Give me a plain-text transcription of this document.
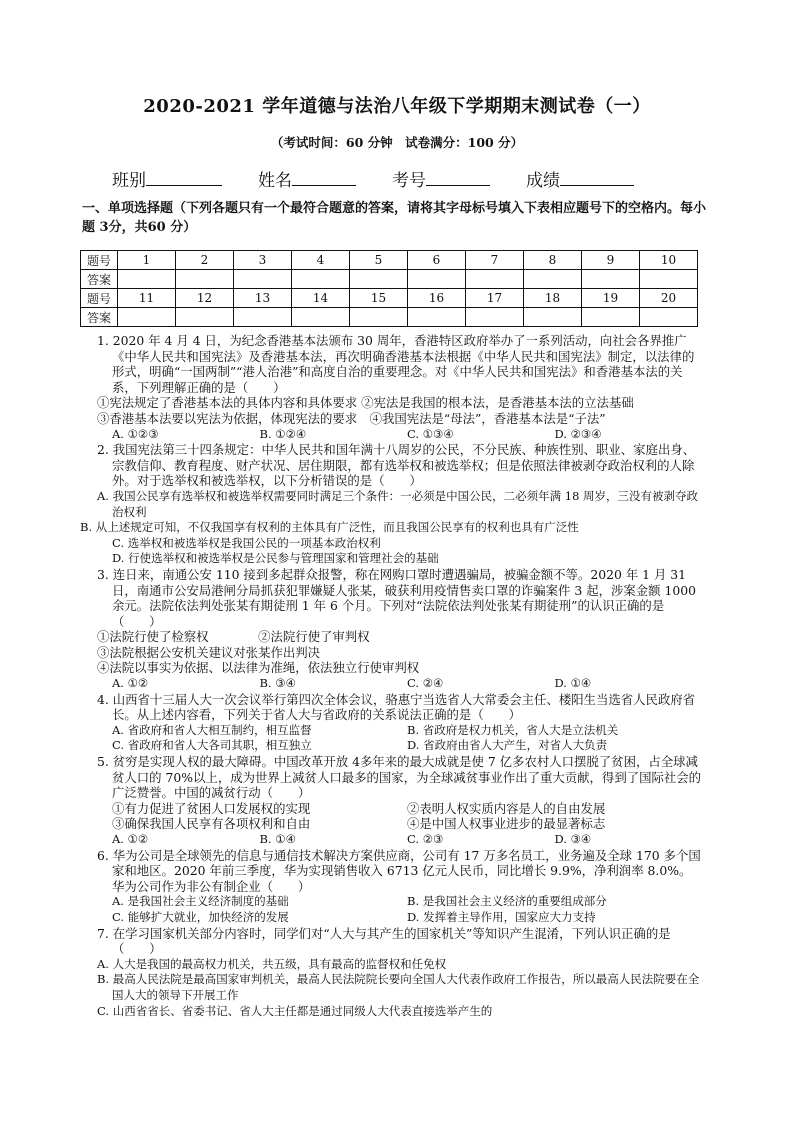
2020-2021 学年道德与法治八年级下学期期末测试卷（一）
（考试时间：60 分钟　试卷满分：100 分）
班别	姓名	考号	成绩
一、单项选择题（下列各题只有一个最符合题意的答案，请将其字母标号填入下表相应题号下的空格内。每小题 3分，共60 分）
题号	1	2	3	4	5	6	7	8	9	10
答案										
题号	11	12	13	14	15	16	17	18	19	20
答案										

1. 2020 年 4 月 4 日，为纪念香港基本法颁布 30 周年，香港特区政府举办了一系列活动，向社会各界推广《中华人民共和国宪法》及香港基本法，再次明确香港基本法根据《中华人民共和国宪法》制定，以法律的形式，明确“一国两制”“港人治港”和高度自治的重要理念。对《中华人民共和国宪法》和香港基本法的关系，下列理解正确的是（　　）

①宪法规定了香港基本法的具体内容和具体要求 ②宪法是我国的根本法，是香港基本法的立法基础

③香港基本法要以宪法为依据，体现宪法的要求　④我国宪法是“母法”，香港基本法是“子法”

A. ①②③	B. ①②④	C. ①③④	D. ②③④

2. 我国宪法第三十四条规定：中华人民共和国年满十八周岁的公民，不分民族、种族性别、职业、家庭出身、宗教信仰、教育程度、财产状况、居住期限，都有选举权和被选举权；但是依照法律被剥夺政治权利的人除外。对于选举权和被选举权，以下分析错误的是（　　）

A. 我国公民享有选举权和被选举权需要同时满足三个条件：一必须是中国公民，二必须年满 18 周岁，三没有被剥夺政治权利

B. 从上述规定可知，不仅我国享有权利的主体具有广泛性，而且我国公民享有的权利也具有广泛性

C. 选举权和被选举权是我国公民的一项基本政治权利

D. 行使选举权和被选举权是公民参与管理国家和管理社会的基础

3. 连日来，南通公安 110 接到多起群众报警，称在网购口罩时遭遇骗局，被骗金额不等。2020 年 1 月 31 日，南通市公安局港闸分局抓获犯罪嫌疑人张某，破获利用疫情售卖口罩的诈骗案件 3 起，涉案金额 1000 余元。法院依法判处张某有期徒刑 1 年 6 个月。下列对“法院依法判处张某有期徒刑”的认识正确的是（　　）

①法院行使了检察权　　　　②法院行使了审判权

③法院根据公安机关建议对张某作出判决

④法院以事实为依据、以法律为准绳，依法独立行使审判权

A. ①②	B. ③④	C. ②④	D. ①④

4. 山西省十三届人大一次会议举行第四次全体会议，骆惠宁当选省人大常委会主任、楼阳生当选省人民政府省长。从上述内容看，下列关于省人大与省政府的关系说法正确的是（　　）

A. 省政府和省人大相互制约，相互监督	B. 省政府是权力机关，省人大是立法机关
C. 省政府和省人大各司其职，相互独立	D. 省政府由省人大产生，对省人大负责

5. 贫穷是实现人权的最大障碍。中国改革开放 4多年来的最大成就是使 7 亿多农村人口摆脱了贫困，占全球减贫人口的 70%以上，成为世界上减贫人口最多的国家，为全球减贫事业作出了重大贡献，得到了国际社会的广泛赞誉。中国的减贫行动（　　）

①有力促进了贫困人口发展权的实现	②表明人权实质内容是人的自由发展
③确保我国人民享有各项权利和自由	④是中国人权事业进步的最显著标志
A. ①②	B. ①④	C. ②③	D. ③④

6. 华为公司是全球领先的信息与通信技术解决方案供应商，公司有 17 万多名员工，业务遍及全球 170 多个国家和地区。2020 年前三季度，华为实现销售收入 6713 亿元人民币，同比增长 9.9%，净利润率 8.0%。华为公司作为非公有制企业（　　）

A. 是我国社会主义经济制度的基础	B. 是我国社会主义经济的重要组成部分
C. 能够扩大就业，加快经济的发展	D. 发挥着主导作用，国家应大力支持

7. 在学习国家机关部分内容时，同学们对“人大与其产生的国家机关”等知识产生混淆，下列认识正确的是（　　）

A. 人大是我国的最高权力机关，共五级，具有最高的监督权和任免权

B. 最高人民法院是最高国家审判机关，最高人民法院院长要向全国人大代表作政府工作报告，所以最高人民法院要在全国人大的领导下开展工作

C. 山西省省长、省委书记、省人大主任都是通过同级人大代表直接选举产生的
